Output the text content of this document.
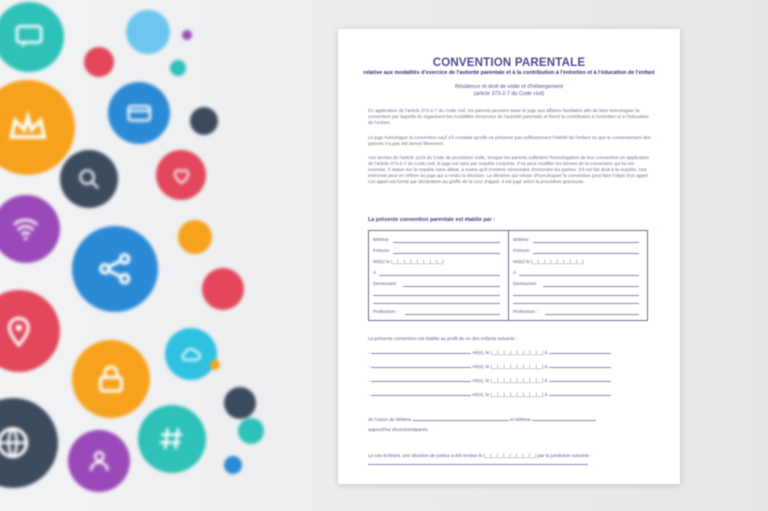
CONVENTION PARENTALE
relative aux modalités d'exercice de l'autorité parentale et à la contribution à l'entretien et à l'éducation de l'enfant
Résidence et droit de visite et d'hébergement
(article 373-2-7 du Code civil)
En application de l'article 373-2-7 du Code civil, les parents peuvent saisir le juge aux affaires familiales afin de faire homologuer la convention par laquelle ils organisent les modalités d'exercice de l'autorité parentale et fixent la contribution à l'entretien et à l'éducation de l'enfant.
Le juge homologue la convention sauf s'il constate qu'elle ne préserve pas suffisamment l'intérêt de l'enfant ou que le consentement des parents n'a pas été donné librement.
Aux termes de l'article 1143 du Code de procédure civile, lorsque les parents sollicitent l'homologation de leur convention en application de l'article 373-2-7 du Code civil, le juge est saisi par requête conjointe. Il ne peut modifier les termes de la convention qui lui est soumise. Il statue sur la requête sans débat, à moins qu'il n'estime nécessaire d'entendre les parties. S'il est fait droit à la requête, tout intéressé peut en référer au juge qui a rendu la décision. La décision qui refuse d'homologuer la convention peut faire l'objet d'un appel. Cet appel est formé par déclaration au greffe de la cour d'appel. Il est jugé selon la procédure gracieuse.
La présente convention parentale est établie par :
M/Mme
Prénom
Né(e) le |__|__|__|__|__|__|__|__|
À
Demeurant
Profession :
M/Mme
Prénom
Né(e) le |__|__|__|__|__|__|__|__|
À
Demeurant
Profession :
La présente convention est établie au profit du ou des enfants suivants :
-	né(e), le |__|__|__|__|__|__|__|__| à
-	né(e), le |__|__|__|__|__|__|__|__| à
-	né(e), le |__|__|__|__|__|__|__|__| à
-	né(e), le |__|__|__|__|__|__|__|__| à
de l'union de M/Mme	et M/Mme
aujourd'hui divorcés/séparés.
Le cas échéant, une décision de justice a été rendue le |__|__|__|__|__|__|__|__| par la juridiction suivante :
